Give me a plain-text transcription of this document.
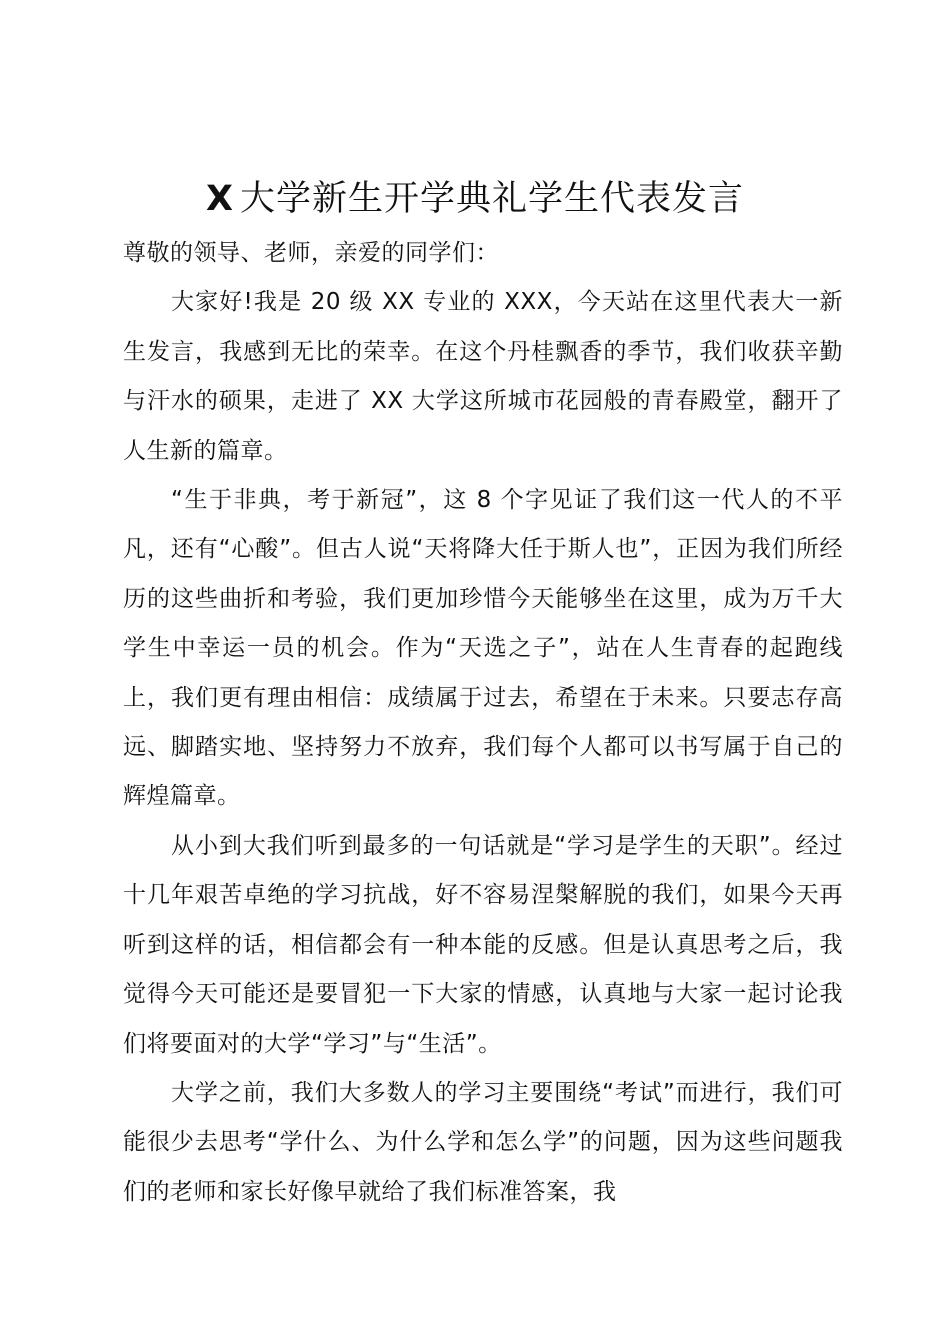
X 大学新生开学典礼学生代表发言

尊敬的领导、老师，亲爱的同学们：

大家好!我是 20 级 XX 专业的 XXX，今天站在这里代表大一新生发言，我感到无比的荣幸。在这个丹桂飘香的季节，我们收获辛勤与汗水的硕果，走进了 XX 大学这所城市花园般的青春殿堂，翻开了人生新的篇章。

“生于非典，考于新冠”，这 8 个字见证了我们这一代人的不平凡，还有“心酸”。但古人说“天将降大任于斯人也”，正因为我们所经历的这些曲折和考验，我们更加珍惜今天能够坐在这里，成为万千大学生中幸运一员的机会。作为“天选之子”，站在人生青春的起跑线上，我们更有理由相信：成绩属于过去，希望在于未来。只要志存高远、脚踏实地、坚持努力不放弃，我们每个人都可以书写属于自己的辉煌篇章。

从小到大我们听到最多的一句话就是“学习是学生的天职”。经过十几年艰苦卓绝的学习抗战，好不容易涅槃解脱的我们，如果今天再听到这样的话，相信都会有一种本能的反感。但是认真思考之后，我觉得今天可能还是要冒犯一下大家的情感，认真地与大家一起讨论我们将要面对的大学“学习”与“生活”。

大学之前，我们大多数人的学习主要围绕“考试”而进行，我们可能很少去思考“学什么、为什么学和怎么学”的问题，因为这些问题我们的老师和家长好像早就给了我们标准答案，我
